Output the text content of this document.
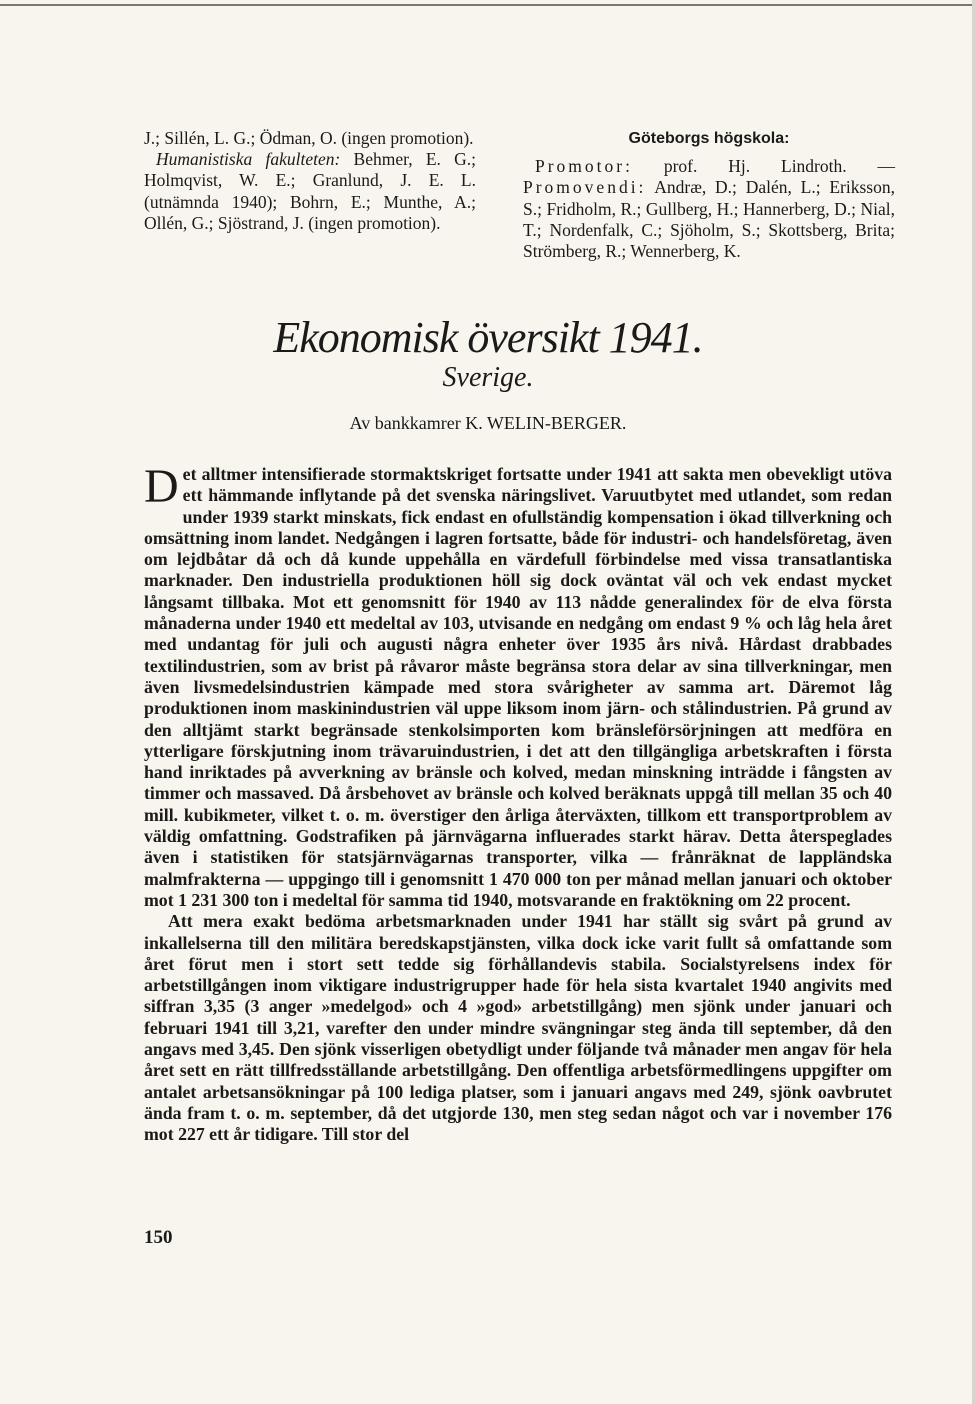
J.; Sillén, L. G.; Ödman, O. (ingen promotion).

Humanistiska fakulteten: Behmer, E. G.; Holmqvist, W. E.; Granlund, J. E. L. (utnämnda 1940); Bohrn, E.; Munthe, A.; Ollén, G.; Sjöstrand, J. (ingen promotion).

Göteborgs högskola:

Promotor: prof. Hj. Lindroth. —Promovendi: Andræ, D.; Dalén, L.; Eriksson, S.; Fridholm, R.; Gullberg, H.; Hannerberg, D.; Nial, T.; Nordenfalk, C.; Sjöholm, S.; Skottsberg, Brita; Strömberg, R.; Wennerberg, K.

Ekonomisk översikt 1941.
Sverige.
Av bankkamrer K. WELIN-BERGER.

Det alltmer intensifierade stormaktskriget fortsatte under 1941 att sakta men obevekligt utöva ett hämmande inflytande på det svenska näringslivet. Varuutbytet med utlandet, som redan under 1939 starkt minskats, fick endast en ofullständig kompensation i ökad tillverkning och omsättning inom landet. Nedgången i lagren fortsatte, både för industri- och handelsföretag, även om lejdbåtar då och då kunde uppehålla en värdefull förbindelse med vissa transatlantiska marknader. Den industriella produktionen höll sig dock oväntat väl och vek endast mycket långsamt tillbaka. Mot ett genomsnitt för 1940 av 113 nådde generalindex för de elva första månaderna under 1940 ett medeltal av 103, utvisande en nedgång om endast 9 % och låg hela året med undantag för juli och augusti några enheter över 1935 års nivå. Hårdast drabbades textilindustrien, som av brist på råvaror måste begränsa stora delar av sina tillverkningar, men även livsmedelsindustrien kämpade med stora svårigheter av samma art. Däremot låg produktionen inom maskinindustrien väl uppe liksom inom järn- och stålindustrien. På grund av den alltjämt starkt begränsade stenkolsimporten kom bränsleförsörjningen att medföra en ytterligare förskjutning inom trävaruindustrien, i det att den tillgängliga arbetskraften i första hand inriktades på avverkning av bränsle och kolved, medan minskning inträdde i fångsten av timmer och massaved. Då årsbehovet av bränsle och kolved beräknats uppgå till mellan 35 och 40 mill. kubikmeter, vilket t. o. m. överstiger den årliga återväxten, tillkom ett transportproblem av väldig omfattning. Godstrafiken på järnvägarna influerades starkt härav. Detta återspeglades även i statistiken för statsjärnvägarnas transporter, vilka — frånräknat de lappländska malmfrakterna — uppgingo till i genomsnitt 1 470 000 ton per månad mellan januari och oktober mot 1 231 300 ton i medeltal för samma tid 1940, motsvarande en fraktökning om 22 procent.

Att mera exakt bedöma arbetsmarknaden under 1941 har ställt sig svårt på grund av inkallelserna till den militära beredskapstjänsten, vilka dock icke varit fullt så omfattande som året förut men i stort sett tedde sig förhållandevis stabila. Socialstyrelsens index för arbetstillgången inom viktigare industrigrupper hade för hela sista kvartalet 1940 angivits med siffran 3,35 (3 anger »medelgod» och 4 »god» arbetstillgång) men sjönk under januari och februari 1941 till 3,21, varefter den under mindre svängningar steg ända till september, då den angavs med 3,45. Den sjönk visserligen obetydligt under följande två månader men angav för hela året sett en rätt tillfredsställande arbetstillgång. Den offentliga arbetsförmedlingens uppgifter om antalet arbetsansökningar på 100 lediga platser, som i januari angavs med 249, sjönk oavbrutet ända fram t. o. m. september, då det utgjorde 130, men steg sedan något och var i november 176 mot 227 ett år tidigare. Till stor del

150
